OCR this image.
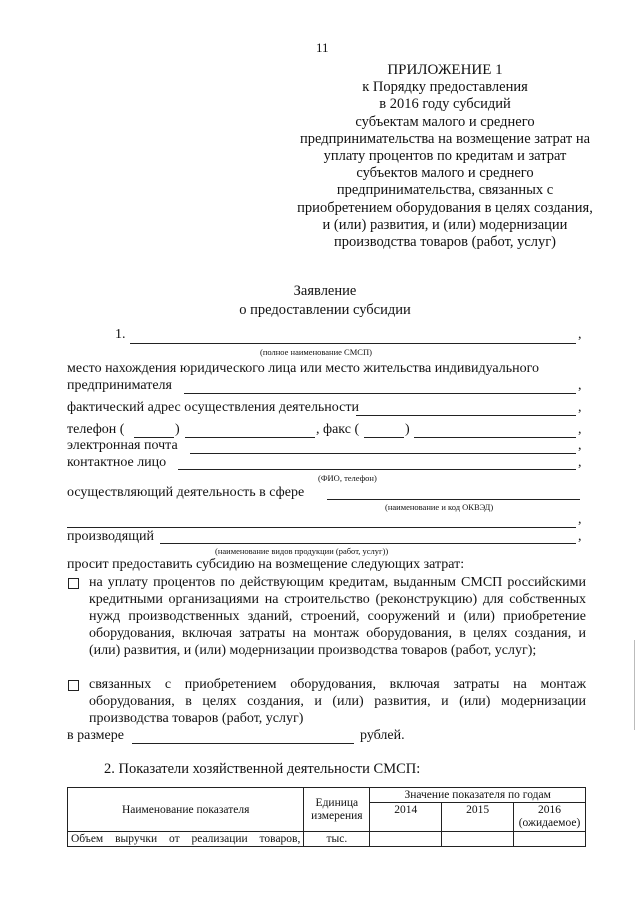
11
ПРИЛОЖЕНИЕ 1
к Порядку предоставления
в 2016 году субсидий
субъектам малого и среднего
предпринимательства на возмещение затрат на
уплату процентов по кредитам и затрат
субъектов малого и среднего
предпринимательства, связанных с
приобретением оборудования в целях создания,
и (или) развития, и (или) модернизации
производства товаров (работ, услуг)
Заявление
о предоставлении субсидии
1.	,
(полное наименование СМСП)
место нахождения юридического лица или место жительства индивидуального
предпринимателя	,
фактический адрес осуществления деятельности	,
телефон (	)	, факс (	)	,
электронная почта	,
контактное лицо	,
(ФИО, телефон)
осуществляющий деятельность в сфере
(наименование и код ОКВЭД)
,
производящий	,
(наименование видов продукции (работ, услуг))
просит предоставить субсидию на возмещение следующих затрат:
на уплату процентов по действующим кредитам, выданным СМСП российскими кредитными организациями на строительство (реконструкцию) для собственных нужд производственных зданий, строений, сооружений и (или) приобретение оборудования, включая затраты на монтаж оборудования, в целях создания, и (или) развития, и (или) модернизации производства товаров (работ, услуг);
связанных с приобретением оборудования, включая затраты на монтаж оборудования, в целях создания, и (или) развития, и (или) модернизации производства товаров (работ, услуг)
в размере	рублей.
2. Показатели хозяйственной деятельности СМСП:
Наименование показателя	Единица измерения	Значение показателя по годам		
		2014	2015	2016 (ожидаемое)
Объем выручки от реализации товаров,	тыс.			
